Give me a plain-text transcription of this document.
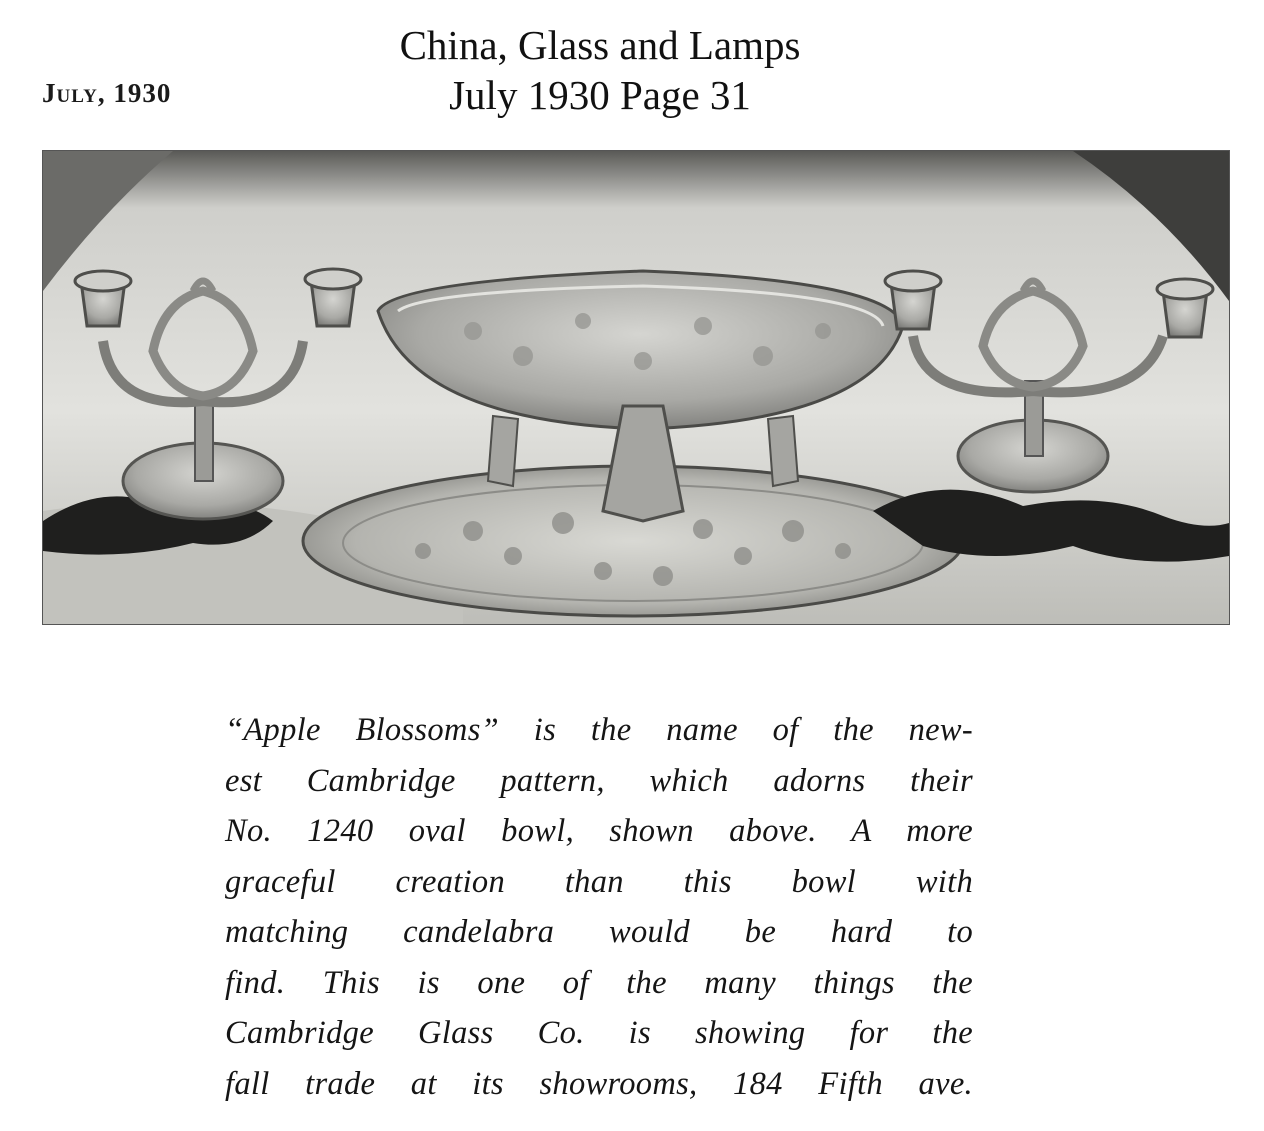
July, 1930
China, Glass and Lamps
July 1930 Page 31
“Apple Blossoms” is the name of the new-
est Cambridge pattern, which adorns their
No. 1240 oval bowl, shown above. A more
graceful creation than this bowl with
matching candelabra would be hard to
find. This is one of the many things the
Cambridge Glass Co. is showing for the
fall trade at its showrooms, 184 Fifth ave.
